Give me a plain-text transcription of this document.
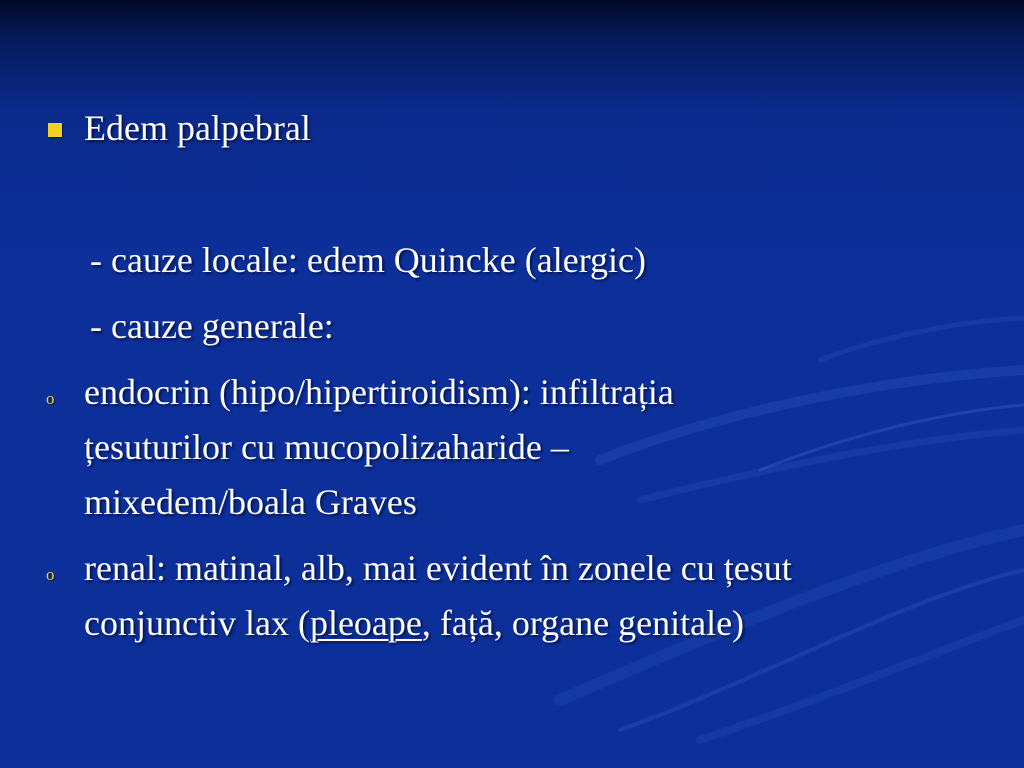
Edem palpebral
- cauze locale: edem Quincke (alergic)
- cauze generale:
o endocrin (hipo/hipertiroidism): infiltrația
țesuturilor cu mucopolizaharide –
mixedem/boala Graves
o renal: matinal, alb, mai evident în zonele cu țesut
conjunctiv lax (pleoape, față, organe genitale)
